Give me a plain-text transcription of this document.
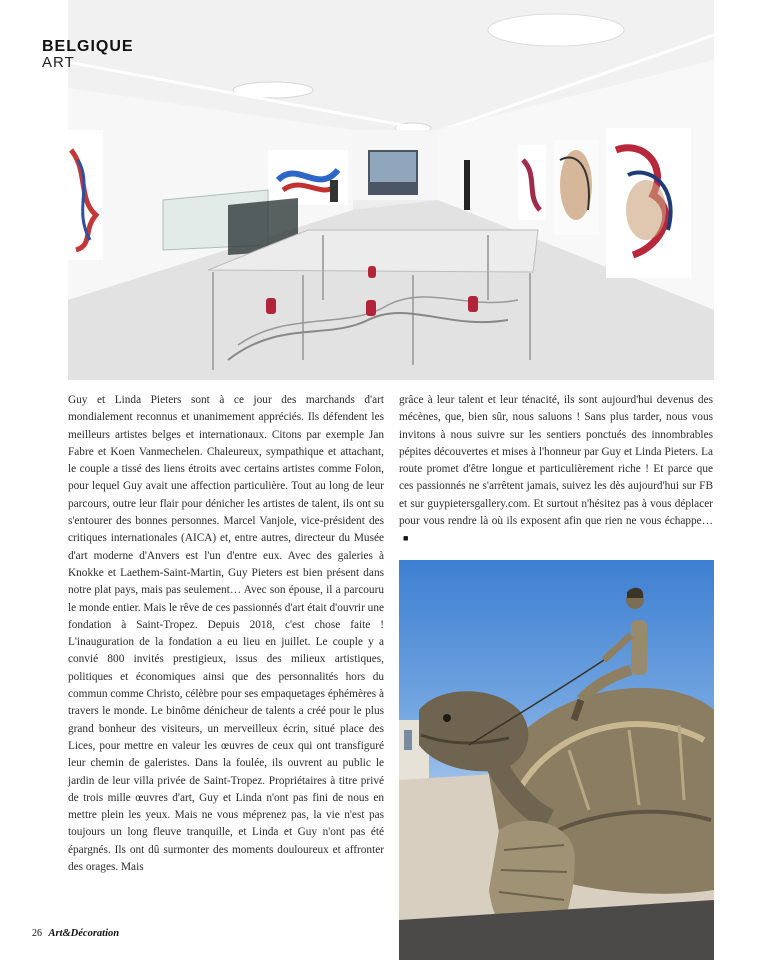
BELGIQUE
ART
Guy et Linda Pieters sont à ce jour des marchands d'art mondialement reconnus et unanimement appréciés. Ils défendent les meilleurs artistes belges et internationaux. Citons par exemple Jan Fabre et Koen Vanmechelen. Chaleureux, sympathique et attachant, le couple a tissé des liens étroits avec certains artistes comme Folon, pour lequel Guy avait une affection particulière. Tout au long de leur parcours, outre leur flair pour dénicher les artistes de talent, ils ont su s'entourer des bonnes personnes. Marcel Vanjole, vice-président des critiques internationales (AICA) et, entre autres, directeur du Musée d'art moderne d'Anvers est l'un d'entre eux. Avec des galeries à Knokke et Laethem-Saint-Martin, Guy Pieters est bien présent dans notre plat pays, mais pas seulement… Avec son épouse, il a parcouru le monde entier. Mais le rêve de ces passionnés d'art était d'ouvrir une fondation à Saint-Tropez. Depuis 2018, c'est chose faite ! L'inauguration de la fondation a eu lieu en juillet. Le couple y a convié 800 invités prestigieux, issus des milieux artistiques, politiques et économiques ainsi que des personnalités hors du commun comme Christo, célèbre pour ses empaquetages éphémères à travers le monde. Le binôme dénicheur de talents a créé pour le plus grand bonheur des visiteurs, un merveilleux écrin, situé place des Lices, pour mettre en valeur les œuvres de ceux qui ont transfiguré leur chemin de galeristes. Dans la foulée, ils ouvrent au public le jardin de leur villa privée de Saint-Tropez. Propriétaires à titre privé de trois mille œuvres d'art, Guy et Linda n'ont pas fini de nous en mettre plein les yeux. Mais ne vous méprenez pas, la vie n'est pas toujours un long fleuve tranquille, et Linda et Guy n'ont pas été épargnés. Ils ont dû surmonter des moments douloureux et affronter des orages. Mais
grâce à leur talent et leur ténacité, ils sont aujourd'hui devenus des mécènes, que, bien sûr, nous saluons ! Sans plus tarder, nous vous invitons à nous suivre sur les sentiers ponctués des innombrables pépites découvertes et mises à l'honneur par Guy et Linda Pieters. La route promet d'être longue et particulièrement riche ! Et parce que ces passionnés ne s'arrêtent jamais, suivez les dès aujourd'hui sur FB et sur guypietersgallery.com. Et surtout n'hésitez pas à vous déplacer pour vous rendre là où ils exposent afin que rien ne vous échappe…■
26 Art&Décoration
